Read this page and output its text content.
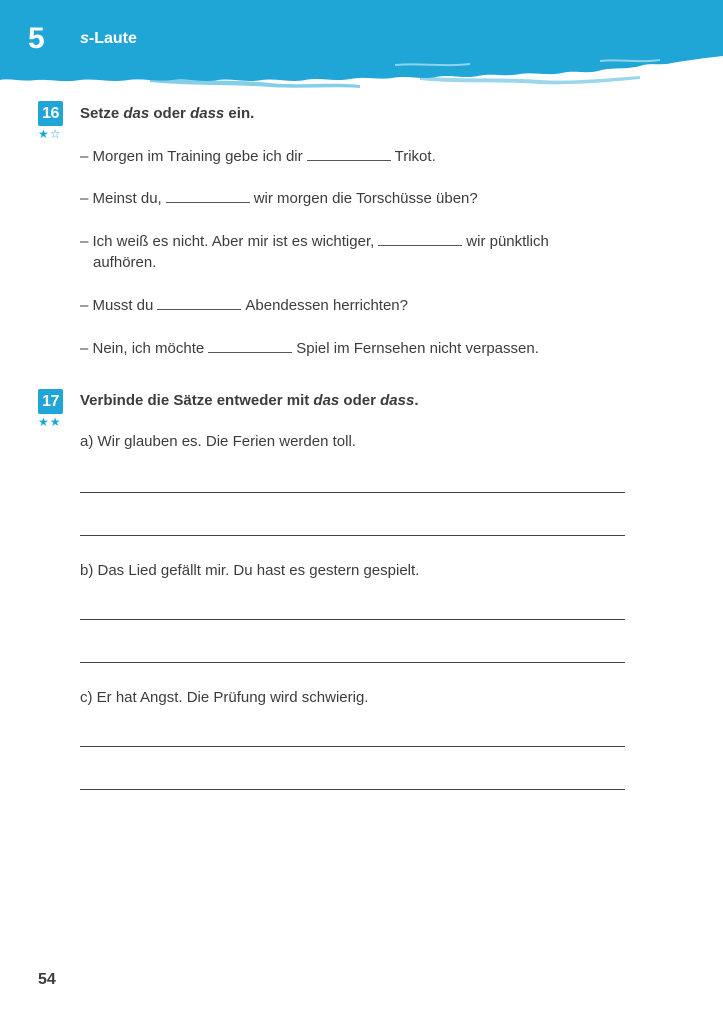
5 s-Laute
16
★☆
Setze das oder dass ein.
– Morgen im Training gebe ich dir	Trikot.
– Meinst du,	wir morgen die Torschüsse üben?
– Ich weiß es nicht. Aber mir ist es wichtiger,	wir pünktlich
aufhören.
– Musst du	Abendessen herrichten?
– Nein, ich möchte	Spiel im Fernsehen nicht verpassen.
17
★★
Verbinde die Sätze entweder mit das oder dass.
a) Wir glauben es. Die Ferien werden toll.
b) Das Lied gefällt mir. Du hast es gestern gespielt.
c) Er hat Angst. Die Prüfung wird schwierig.
54
